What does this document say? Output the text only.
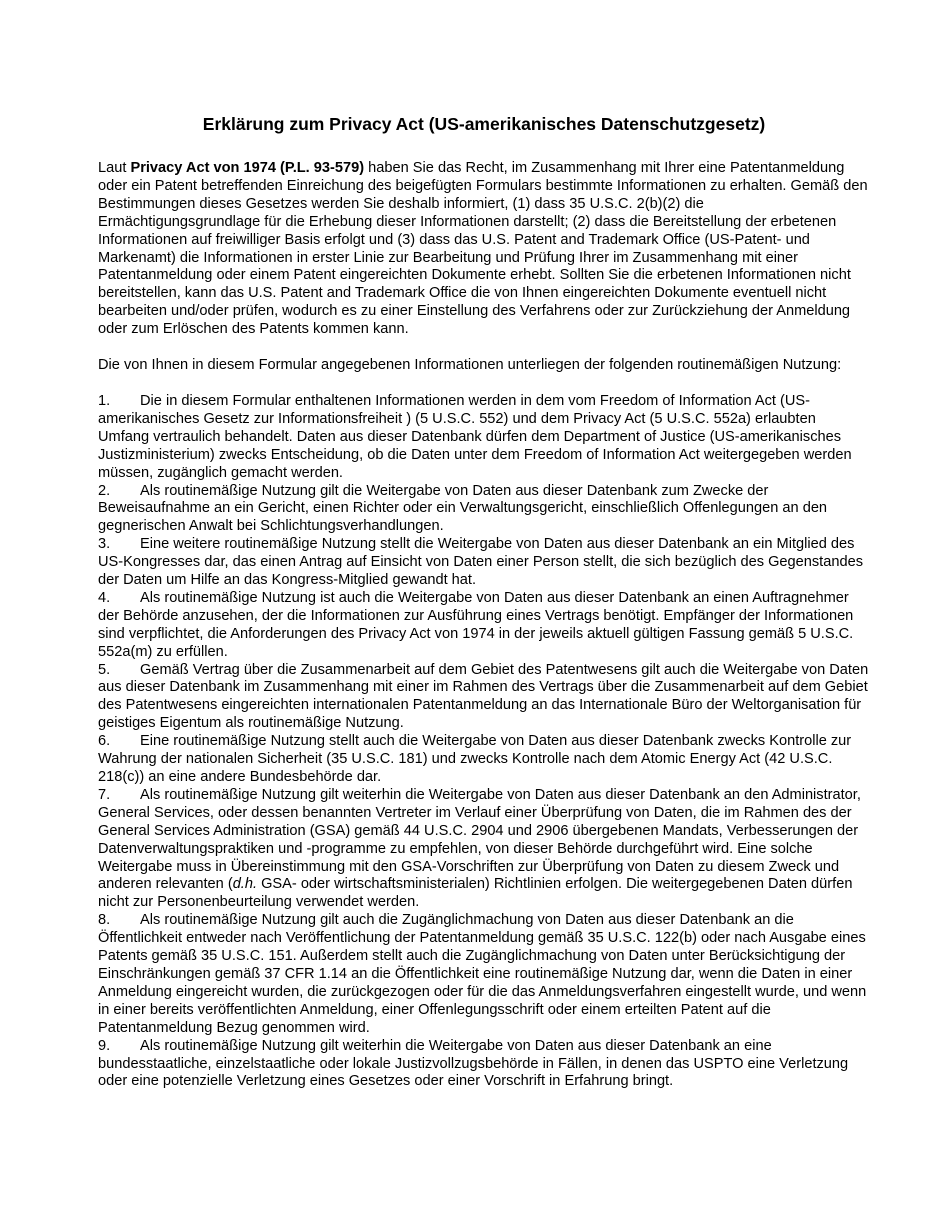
Erklärung zum Privacy Act (US-amerikanisches Datenschutzgesetz)

Laut Privacy Act von 1974 (P.L. 93-579) haben Sie das Recht, im Zusammenhang mit Ihrer eine Patentanmeldung oder ein Patent betreffenden Einreichung des beigefügten Formulars bestimmte Informationen zu erhalten. Gemäß den Bestimmungen dieses Gesetzes werden Sie deshalb informiert, (1) dass 35 U.S.C. 2(b)(2) die Ermächtigungsgrundlage für die Erhebung dieser Informationen darstellt; (2) dass die Bereitstellung der erbetenen Informationen auf freiwilliger Basis erfolgt und (3) dass das U.S. Patent and Trademark Office (US-Patent- und Markenamt) die Informationen in erster Linie zur Bearbeitung und Prüfung Ihrer im Zusammenhang mit einer Patentanmeldung oder einem Patent eingereichten Dokumente erhebt. Sollten Sie die erbetenen Informationen nicht bereitstellen, kann das U.S. Patent and Trademark Office die von Ihnen eingereichten Dokumente eventuell nicht bearbeiten und/oder prüfen, wodurch es zu einer Einstellung des Verfahrens oder zur Zurückziehung der Anmeldung oder zum Erlöschen des Patents kommen kann.

Die von Ihnen in diesem Formular angegebenen Informationen unterliegen der folgenden routinemäßigen Nutzung:

1. Die in diesem Formular enthaltenen Informationen werden in dem vom Freedom of Information Act (US-amerikanisches Gesetz zur Informationsfreiheit ) (5 U.S.C. 552) und dem Privacy Act (5 U.S.C. 552a) erlaubten Umfang vertraulich behandelt. Daten aus dieser Datenbank dürfen dem Department of Justice (US-amerikanisches Justizministerium) zwecks Entscheidung, ob die Daten unter dem Freedom of Information Act weitergegeben werden müssen, zugänglich gemacht werden.

2. Als routinemäßige Nutzung gilt die Weitergabe von Daten aus dieser Datenbank zum Zwecke der Beweisaufnahme an ein Gericht, einen Richter oder ein Verwaltungsgericht, einschließlich Offenlegungen an den gegnerischen Anwalt bei Schlichtungsverhandlungen.

3. Eine weitere routinemäßige Nutzung stellt die Weitergabe von Daten aus dieser Datenbank an ein Mitglied des US-Kongresses dar, das einen Antrag auf Einsicht von Daten einer Person stellt, die sich bezüglich des Gegenstandes der Daten um Hilfe an das Kongress-Mitglied gewandt hat.

4. Als routinemäßige Nutzung ist auch die Weitergabe von Daten aus dieser Datenbank an einen Auftragnehmer der Behörde anzusehen, der die Informationen zur Ausführung eines Vertrags benötigt. Empfänger der Informationen sind verpflichtet, die Anforderungen des Privacy Act von 1974 in der jeweils aktuell gültigen Fassung gemäß 5 U.S.C. 552a(m) zu erfüllen.

5. Gemäß Vertrag über die Zusammenarbeit auf dem Gebiet des Patentwesens gilt auch die Weitergabe von Daten aus dieser Datenbank im Zusammenhang mit einer im Rahmen des Vertrags über die Zusammenarbeit auf dem Gebiet des Patentwesens eingereichten internationalen Patentanmeldung an das Internationale Büro der Weltorganisation für geistiges Eigentum als routinemäßige Nutzung.

6. Eine routinemäßige Nutzung stellt auch die Weitergabe von Daten aus dieser Datenbank zwecks Kontrolle zur Wahrung der nationalen Sicherheit (35 U.S.C. 181) und zwecks Kontrolle nach dem Atomic Energy Act (42 U.S.C. 218(c)) an eine andere Bundesbehörde dar.

7. Als routinemäßige Nutzung gilt weiterhin die Weitergabe von Daten aus dieser Datenbank an den Administrator, General Services, oder dessen benannten Vertreter im Verlauf einer Überprüfung von Daten, die im Rahmen des der General Services Administration (GSA) gemäß 44 U.S.C. 2904 und 2906 übergebenen Mandats, Verbesserungen der Datenverwaltungspraktiken und -programme zu empfehlen, von dieser Behörde durchgeführt wird. Eine solche Weitergabe muss in Übereinstimmung mit den GSA-Vorschriften zur Überprüfung von Daten zu diesem Zweck und anderen relevanten (d.h. GSA- oder wirtschaftsministerialen) Richtlinien erfolgen. Die weitergegebenen Daten dürfen nicht zur Personenbeurteilung verwendet werden.

8. Als routinemäßige Nutzung gilt auch die Zugänglichmachung von Daten aus dieser Datenbank an die Öffentlichkeit entweder nach Veröffentlichung der Patentanmeldung gemäß 35 U.S.C. 122(b) oder nach Ausgabe eines Patents gemäß 35 U.S.C. 151. Außerdem stellt auch die Zugänglichmachung von Daten unter Berücksichtigung der Einschränkungen gemäß 37 CFR 1.14 an die Öffentlichkeit eine routinemäßige Nutzung dar, wenn die Daten in einer Anmeldung eingereicht wurden, die zurückgezogen oder für die das Anmeldungsverfahren eingestellt wurde, und wenn in einer bereits veröffentlichten Anmeldung, einer Offenlegungsschrift oder einem erteilten Patent auf die Patentanmeldung Bezug genommen wird.

9. Als routinemäßige Nutzung gilt weiterhin die Weitergabe von Daten aus dieser Datenbank an eine bundesstaatliche, einzelstaatliche oder lokale Justizvollzugsbehörde in Fällen, in denen das USPTO eine Verletzung oder eine potenzielle Verletzung eines Gesetzes oder einer Vorschrift in Erfahrung bringt.
